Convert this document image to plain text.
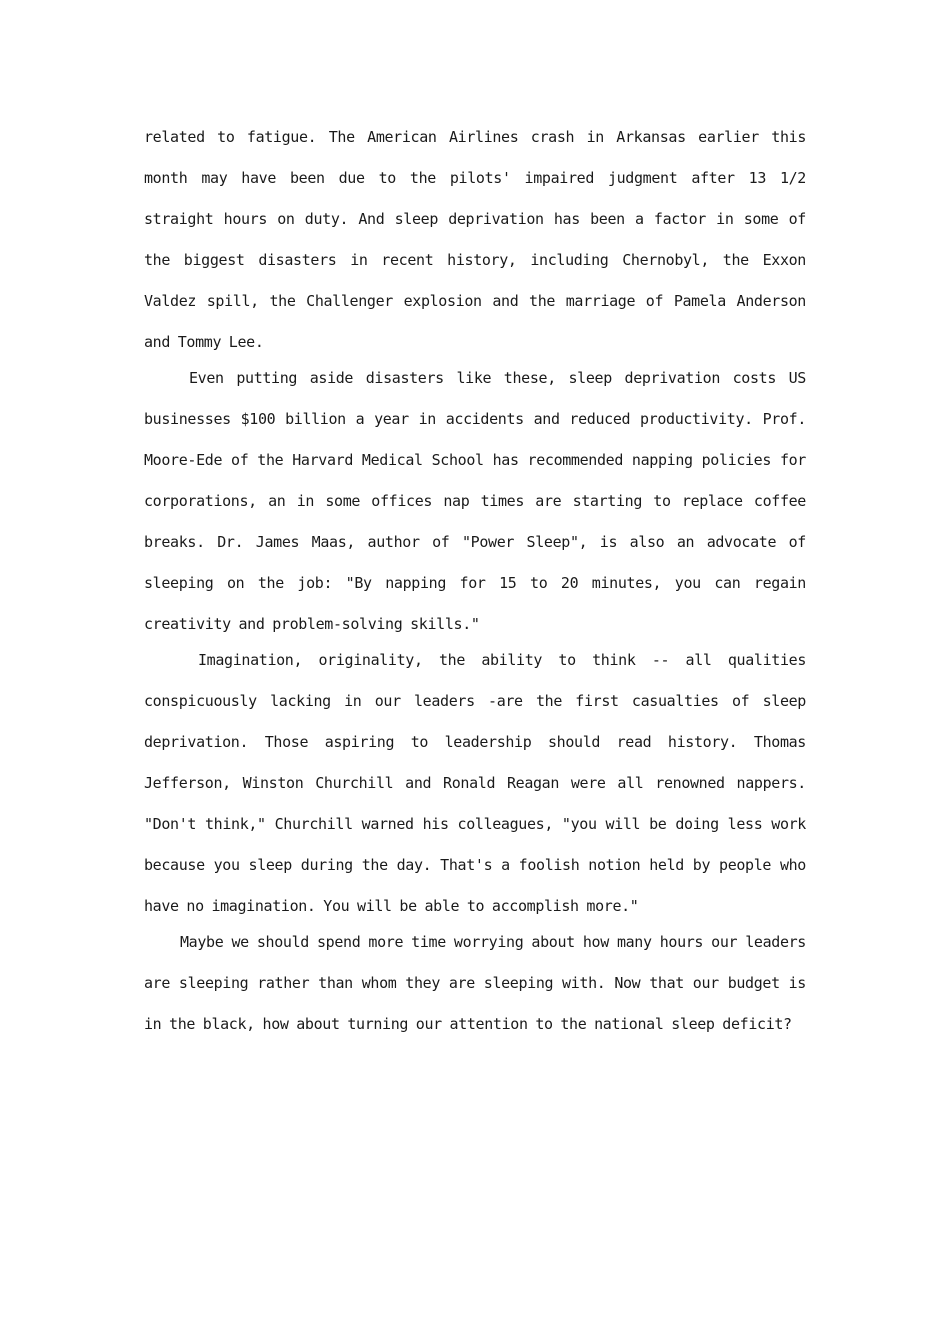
related to fatigue. The American Airlines crash in Arkansas earlier this month may have been due to the pilots' impaired judgment after 13 1/2 straight hours on duty. And sleep deprivation has been a factor in some of the biggest disasters in recent history, including Chernobyl, the Exxon Valdez spill, the Challenger explosion and the marriage of Pamela Anderson and Tommy Lee.

Even putting aside disasters like these, sleep deprivation costs US businesses $100 billion a year in accidents and reduced productivity. Prof. Moore-Ede of the Harvard Medical School has recommended napping policies for corporations, an in some offices nap times are starting to replace coffee breaks. Dr. James Maas, author of "Power Sleep", is also an advocate of sleeping on the job: "By napping for 15 to 20 minutes, you can regain creativity and problem-solving skills."

Imagination, originality, the ability to think -- all qualities conspicuously lacking in our leaders -are the first casualties of sleep deprivation. Those aspiring to leadership should read history. Thomas Jefferson, Winston Churchill and Ronald Reagan were all renowned nappers. "Don't think," Churchill warned his colleagues, "you will be doing less work because you sleep during the day. That's a foolish notion held by people who have no imagination. You will be able to accomplish more."

Maybe we should spend more time worrying about how many hours our leaders are sleeping rather than whom they are sleeping with. Now that our budget is in the black, how about turning our attention to the national sleep deficit?
